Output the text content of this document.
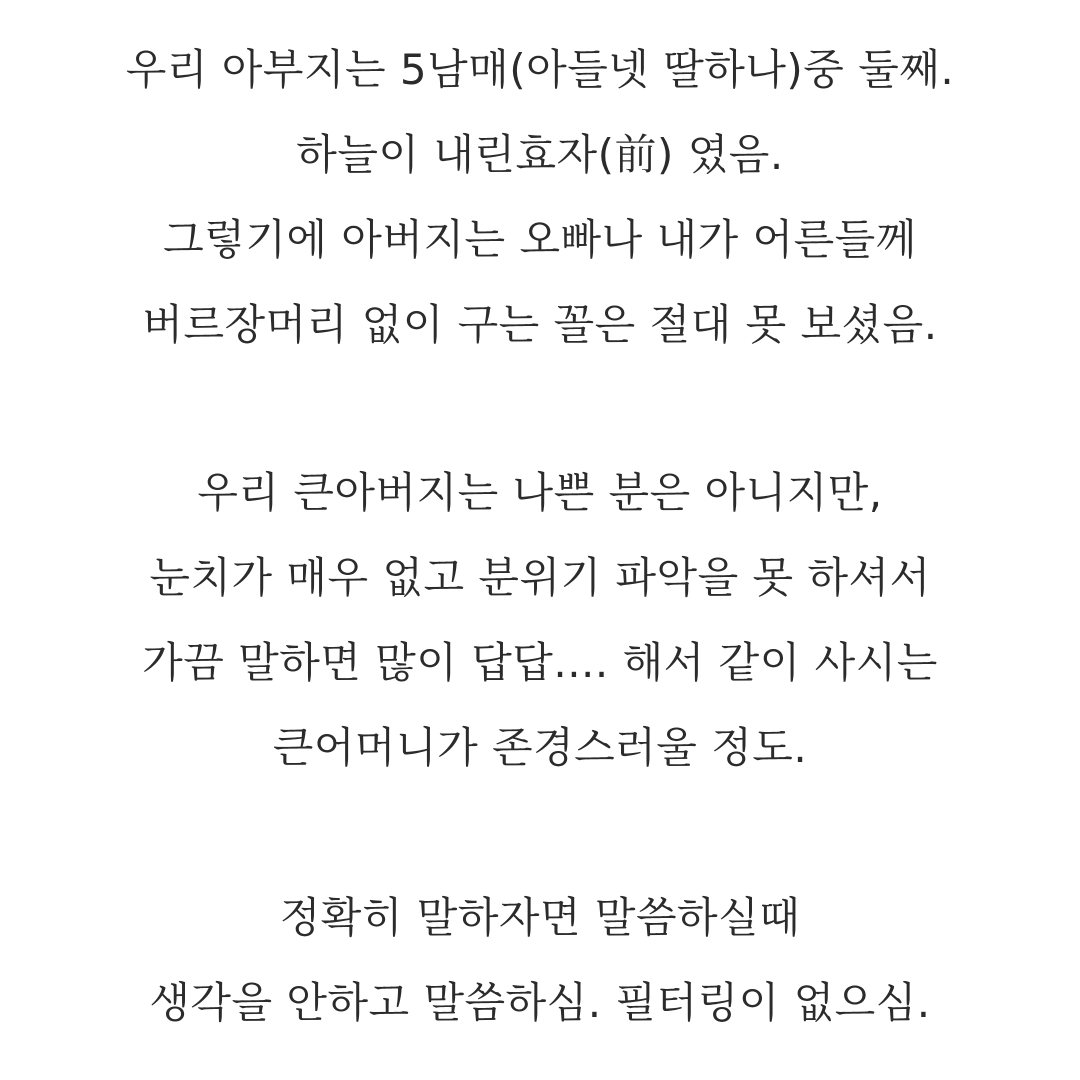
우리 아부지는 5남매(아들넷 딸하나)중 둘째.
하늘이 내린효자(前) 였음.
그렇기에 아버지는 오빠나 내가 어른들께
버르장머리 없이 구는 꼴은 절대 못 보셨음.
우리 큰아버지는 나쁜 분은 아니지만,
눈치가 매우 없고 분위기 파악을 못 하셔서
가끔 말하면 많이 답답.... 해서 같이 사시는
큰어머니가 존경스러울 정도.
정확히 말하자면 말씀하실때
생각을 안하고 말씀하심. 필터링이 없으심.
